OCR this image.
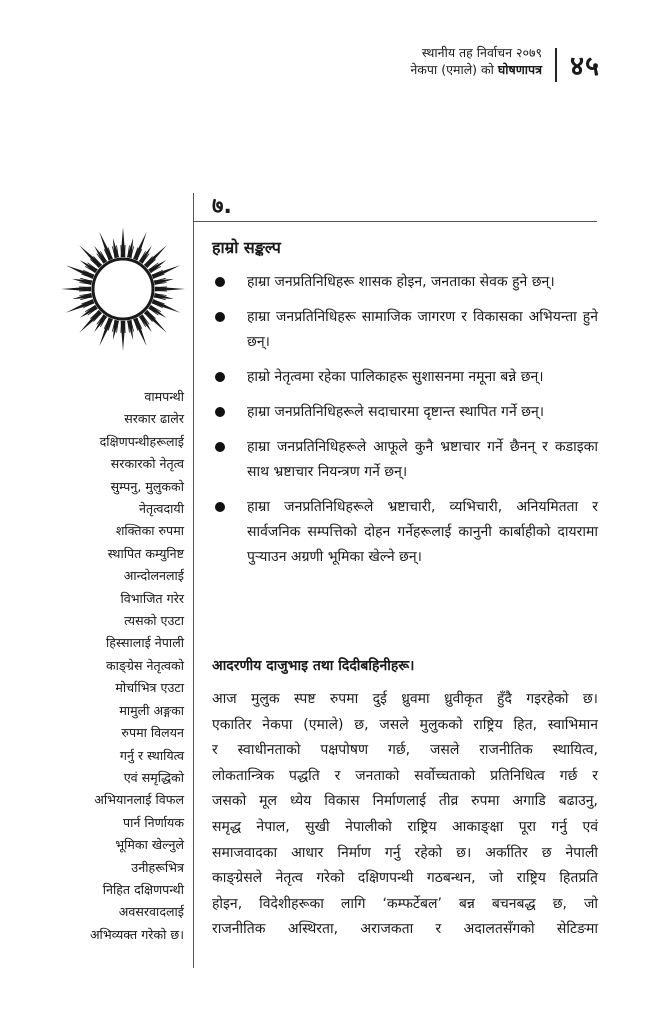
स्थानीय तह निर्वाचन २०७९
नेकपा (एमाले) को घोषणापत्र ४५
७.
हाम्रो सङ्कल्प
वामपन्थी
सरकार ढालेर
दक्षिणपन्थीहरूलाई
सरकारको नेतृत्व
सुम्पनु, मुलुकको
नेतृत्वदायी
शक्तिका रुपमा
स्थापित कम्युनिष्ट
आन्दोलनलाई
विभाजित गरेर
त्यसको एउटा
हिस्सालाई नेपाली
काङ्ग्रेस नेतृत्वको
मोर्चाभित्र एउटा
मामुली अङ्गका
रुपमा विलयन
गर्नु र स्थायित्व
एवं समृद्धिको
अभियानलाई विफल
पार्न निर्णायक
भूमिका खेल्नुले
उनीहरूभित्र
निहित दक्षिणपन्थी
अवसरवादलाई
अभिव्यक्त गरेको छ।
हाम्रा जनप्रतिनिधिहरू शासक होइन, जनताका सेवक हुने छन्।
हाम्रा जनप्रतिनिधिहरू सामाजिक जागरण र विकासका अभियन्ता हुने छन्।
हाम्रो नेतृत्वमा रहेका पालिकाहरू सुशासनमा नमूना बन्ने छन्।
हाम्रा जनप्रतिनिधिहरूले सदाचारमा दृष्टान्त स्थापित गर्ने छन्।
हाम्रा जनप्रतिनिधिहरूले आफूले कुनै भ्रष्टाचार गर्ने छैनन् र कडाइका साथ भ्रष्टाचार नियन्त्रण गर्ने छन्।
हाम्रा जनप्रतिनिधिहरूले भ्रष्टाचारी, व्यभिचारी, अनियमितता र सार्वजनिक सम्पत्तिको दोहन गर्नेहरूलाई कानुनी कार्बाहीको दायरामा पुऱ्याउन अग्रणी भूमिका खेल्ने छन्।
आदरणीय दाजुभाइ तथा दिदीबहिनीहरू।
आज मुलुक स्पष्ट रुपमा दुई ध्रुवमा ध्रुवीकृत हुँदै गइरहेको छ।
एकातिर नेकपा (एमाले) छ, जसले मुलुकको राष्ट्रिय हित, स्वाभिमान
र स्वाधीनताको पक्षपोषण गर्छ, जसले राजनीतिक स्थायित्व,
लोकतान्त्रिक पद्धति र जनताको सर्वोच्चताको प्रतिनिधित्व गर्छ र
जसको मूल ध्येय विकास निर्माणलाई तीव्र रुपमा अगाडि बढाउनु,
समृद्ध नेपाल, सुखी नेपालीको राष्ट्रिय आकाङ्क्षा पूरा गर्नु एवं
समाजवादका आधार निर्माण गर्नु रहेको छ। अर्कातिर छ नेपाली
काङ्ग्रेसले नेतृत्व गरेको दक्षिणपन्थी गठबन्धन, जो राष्ट्रिय हितप्रति
होइन, विदेशीहरूका लागि ‘कम्फर्टेबल’ बन्न बचनबद्ध छ, जो
राजनीतिक अस्थिरता, अराजकता र अदालतसँगको सेटिङमा
